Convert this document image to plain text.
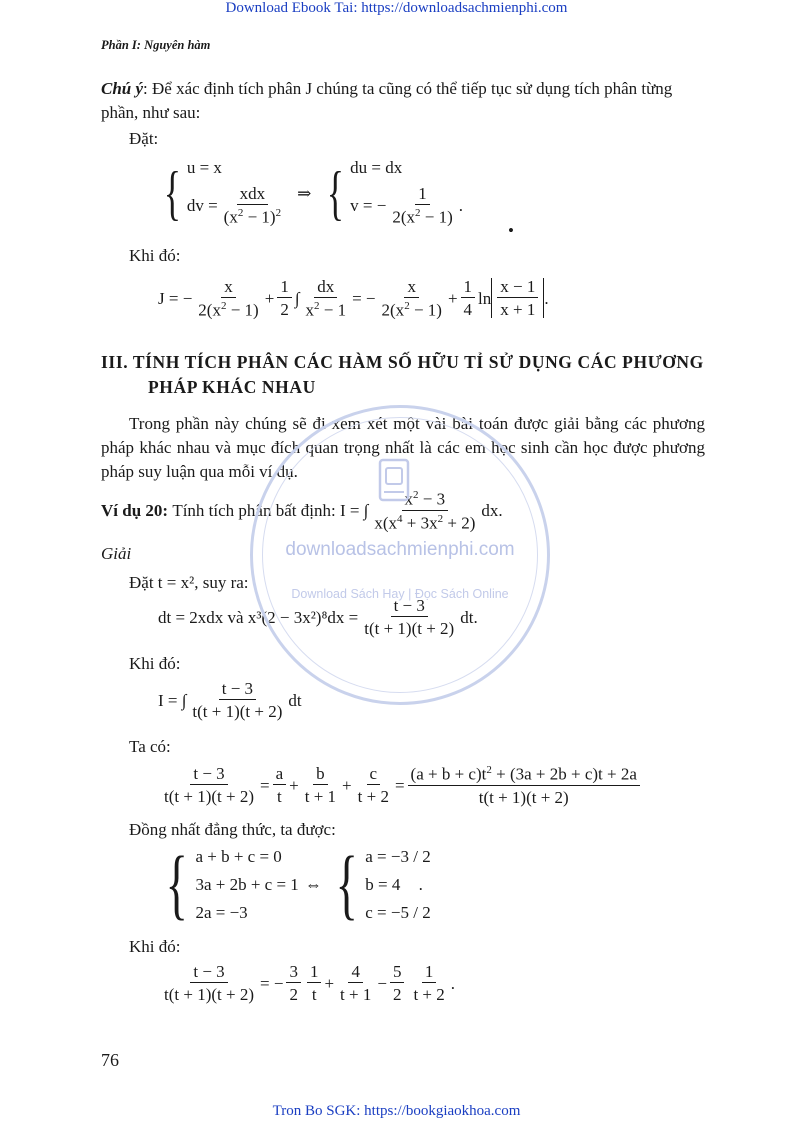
Download Ebook Tai: https://downloadsachmienphi.com
Phần I: Nguyên hàm
Chú ý: Để xác định tích phân J chúng ta cũng có thể tiếp tục sử dụng tích phân từng phần, như sau:
Đặt:
{ u = x
dv = $\frac{\text{xdx}}{(x^2 - 1)^2}$ ⇒ { du = dx
v = − $\frac{1}{2(x^2 - 1)}$ .
•
Khi đó:
J = − $\frac{x}{2(x^2 - 1)} + \frac{1}{2}$ ∫ $\frac{dx}{x^2 - 1}$ = − $\frac{x}{2(x^2 - 1)} + \frac{1}{4}$ $\ln \frac{x - 1}{x + 1}$ .
III. TÍNH TÍCH PHÂN CÁC HÀM SỐ HỮU TỈ SỬ DỤNG CÁC PHƯƠNG
PHÁP KHÁC NHAU
Trong phần này chúng sẽ đi xem xét một vài bài toán được giải bằng các phương pháp khác nhau và mục đích quan trọng nhất là các em học sinh cần học được phương pháp suy luận qua mỗi ví dụ.
Ví dụ 20:
Tính tích phân bất định:
I = ∫ $\frac{x^2 - 3}{x(x^4 + 3x^2 + 2)}$ dx.
Giải
Đặt t = x², suy ra:
dt = 2xdx và $x^3(2 - 3x^2)^8dx = \frac{t - 3}{t(t + 1)(t + 2)}$ dt.
Khi đó:
I = ∫ $\frac{t - 3}{t(t + 1)(t + 2)}$ dt
Ta có:
$\frac{t - 3}{t(t + 1)(t + 2)} = \frac{a}{t} + \frac{b}{t + 1} + \frac{c}{t + 2} = \frac{(a + b + c)t^2 + (3a + 2b + c)t + 2a}{t(t + 1)(t + 2)}$
Đồng nhất đẳng thức, ta được:
{ a + b + c = 0
3a + 2b + c = 1
2a = −3
⇔ { a = −3 / 2
b = 4 .
c = −5 / 2
Khi đó:
$\frac{t - 3}{t(t + 1)(t + 2)}$ = − $\frac{3}{2} \frac{1}{t} + \frac{4}{t + 1} - \frac{5}{2} \frac{1}{t + 2}$ .
downloadsachmienphi.com
Download Sách Hay | Đọc Sách Online
76
Tron Bo SGK: https://bookgiaokhoa.com
